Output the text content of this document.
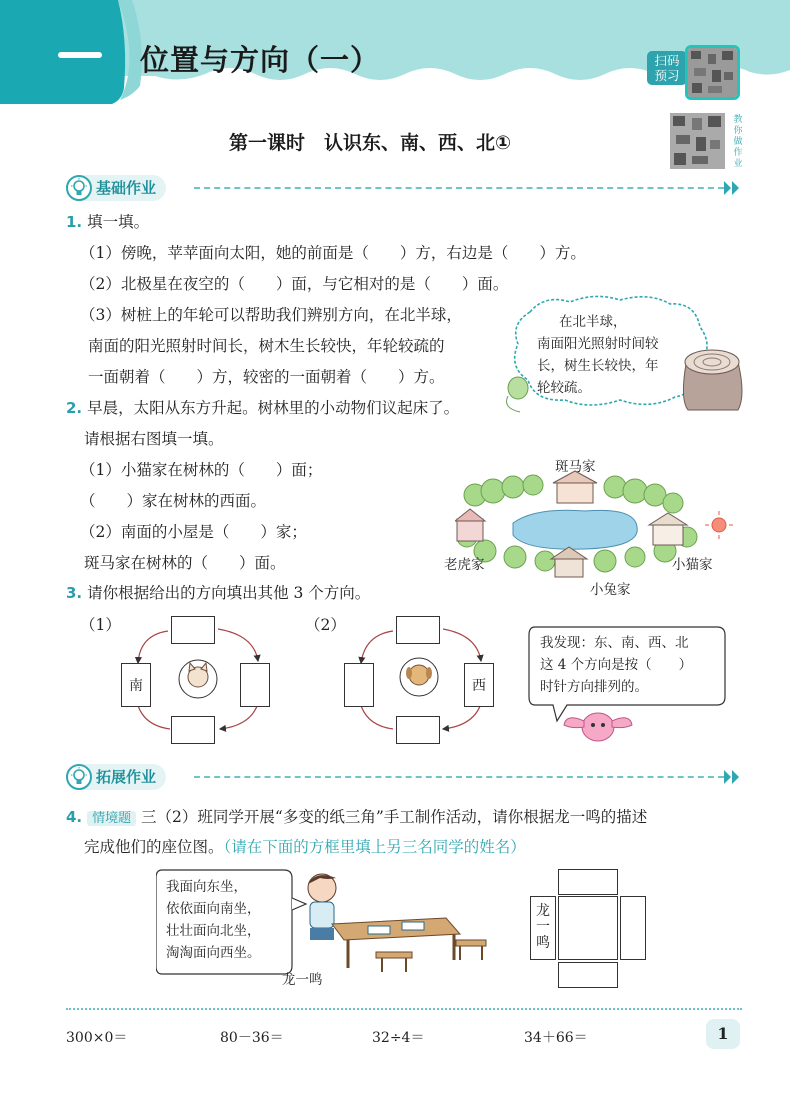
位置与方向（一）	扫码
预习
教你做作业
第一课时　认识东、南、西、北①
基础作业
1. 填一填。
（1）傍晚，苹苹面向太阳，她的前面是（　　）方，右边是（　　）方。
（2）北极星在夜空的（　　）面，与它相对的是（　　）面。
（3）树桩上的年轮可以帮助我们辨别方向，在北半球，
南面的阳光照射时间长，树木生长较快，年轮较疏的
一面朝着（　　）方，较密的一面朝着（　　）方。
在北半球，
南面阳光照射时间较
长，树生长较快，年
轮较疏。
2. 早晨，太阳从东方升起。树林里的小动物们议起床了。
请根据右图填一填。
（1）小猫家在树林的（　　）面；
（　　）家在树林的西面。
（2）南面的小屋是（　　）家；
斑马家在树林的（　　）面。
斑马家
老虎家	小猫家
小兔家
3. 请你根据给出的方向填出其他 3 个方向。
（1）
南
（2）
西
我发现：东、南、西、北
这 4 个方向是按（　　）
时针方向排列的。
拓展作业
4. 情境题 三（2）班同学开展“多变的纸三角”手工制作活动，请你根据龙一鸣的描述
完成他们的座位图。（请在下面的方框里填上另三名同学的姓名）
我面向东坐，
依依面向南坐，
壮壮面向北坐，
淘淘面向西坐。
龙一鸣
龙
一
鸣
300×0＝	80－36＝	32÷4＝	34＋66＝	1
